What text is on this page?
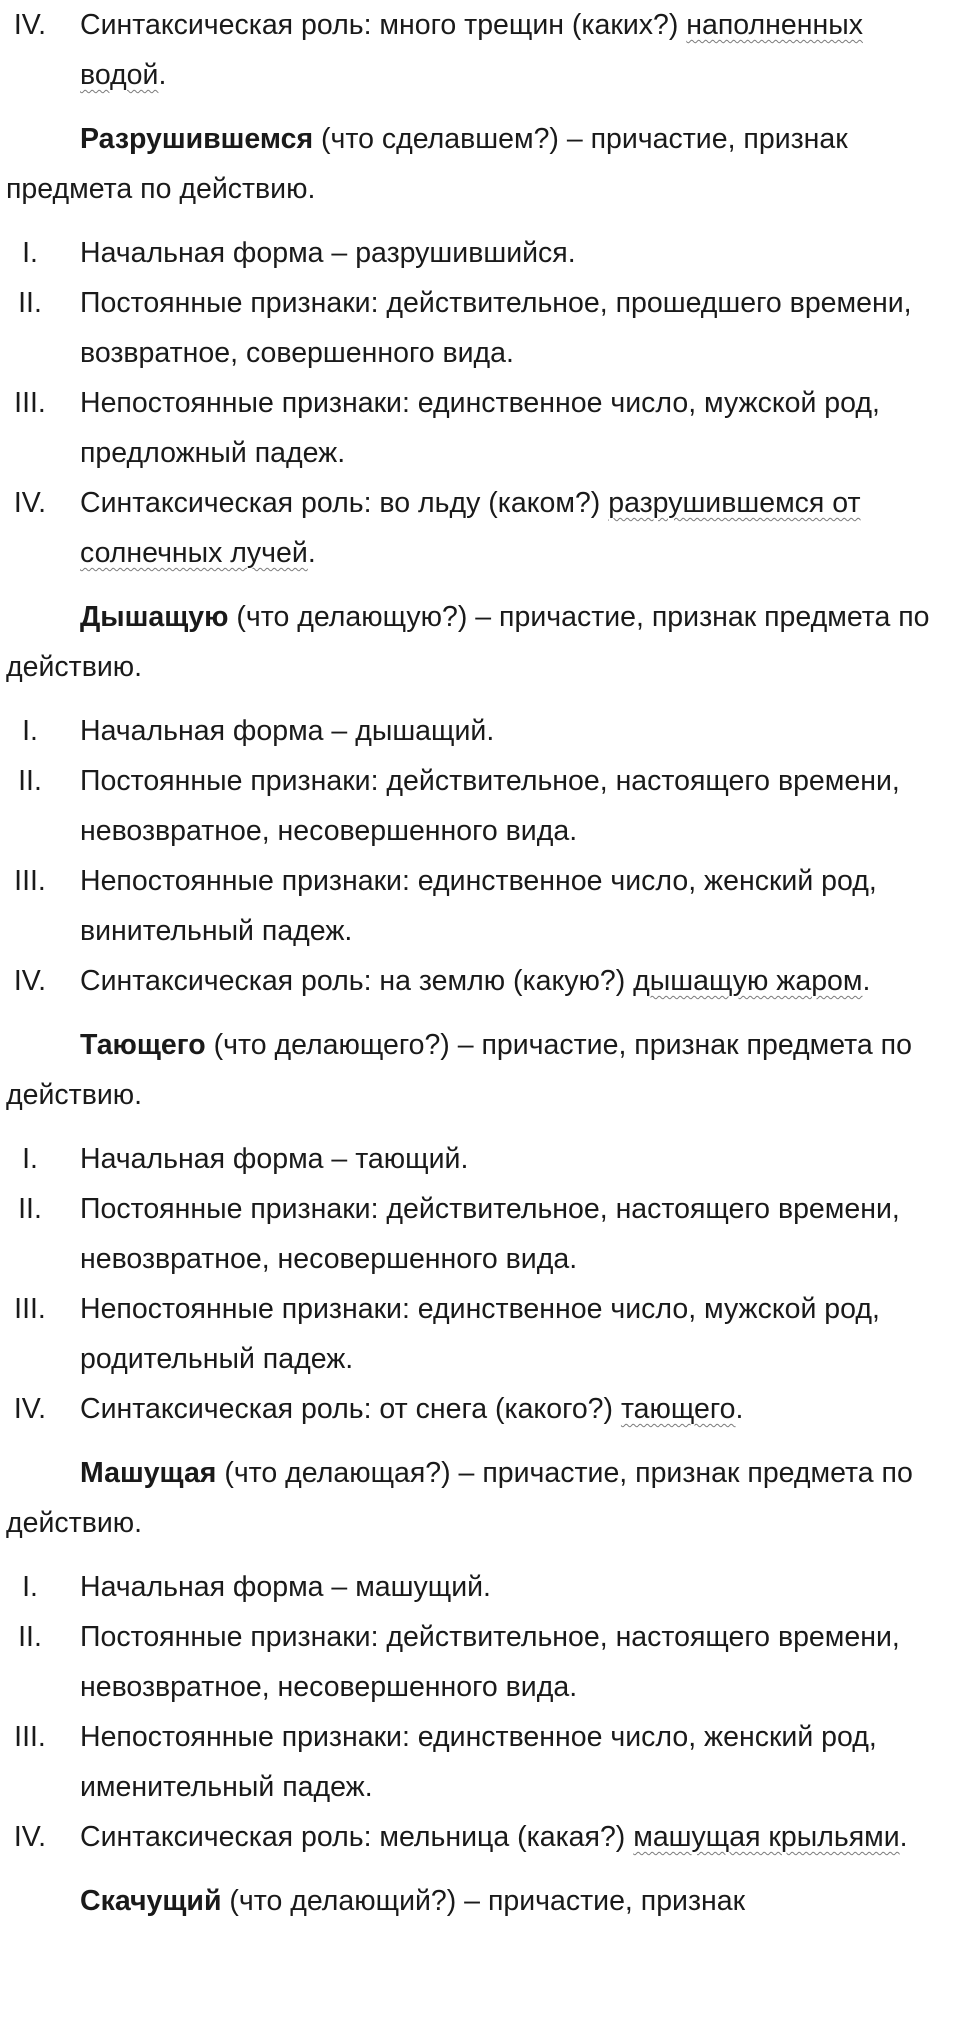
IV.	Синтаксическая роль: много трещин (каких?) наполненных водой.
Разрушившемся (что сделавшем?) – причастие, признак предмета по действию.
I.	Начальная форма – разрушившийся.
II.	Постоянные признаки: действительное, прошедшего времени, возвратное, совершенного вида.
III.	Непостоянные признаки: единственное число, мужской род, предложный падеж.
IV.	Синтаксическая роль: во льду (каком?) разрушившемся от солнечных лучей.
Дышащую (что делающую?) – причастие, признак предмета по действию.
I.	Начальная форма – дышащий.
II.	Постоянные признаки: действительное, настоящего времени, невозвратное, несовершенного вида.
III.	Непостоянные признаки: единственное число, женский род, винительный падеж.
IV.	Синтаксическая роль: на землю (какую?) дышащую жаром.
Тающего (что делающего?) – причастие, признак предмета по действию.
I.	Начальная форма – тающий.
II.	Постоянные признаки: действительное, настоящего времени, невозвратное, несовершенного вида.
III.	Непостоянные признаки: единственное число, мужской род, родительный падеж.
IV.	Синтаксическая роль: от снега (какого?) тающего.
Машущая (что делающая?) – причастие, признак предмета по действию.
I.	Начальная форма – машущий.
II.	Постоянные признаки: действительное, настоящего времени, невозвратное, несовершенного вида.
III.	Непостоянные признаки: единственное число, женский род, именительный падеж.
IV.	Синтаксическая роль: мельница (какая?) машущая крыльями.
Скачущий (что делающий?) – причастие, признак
